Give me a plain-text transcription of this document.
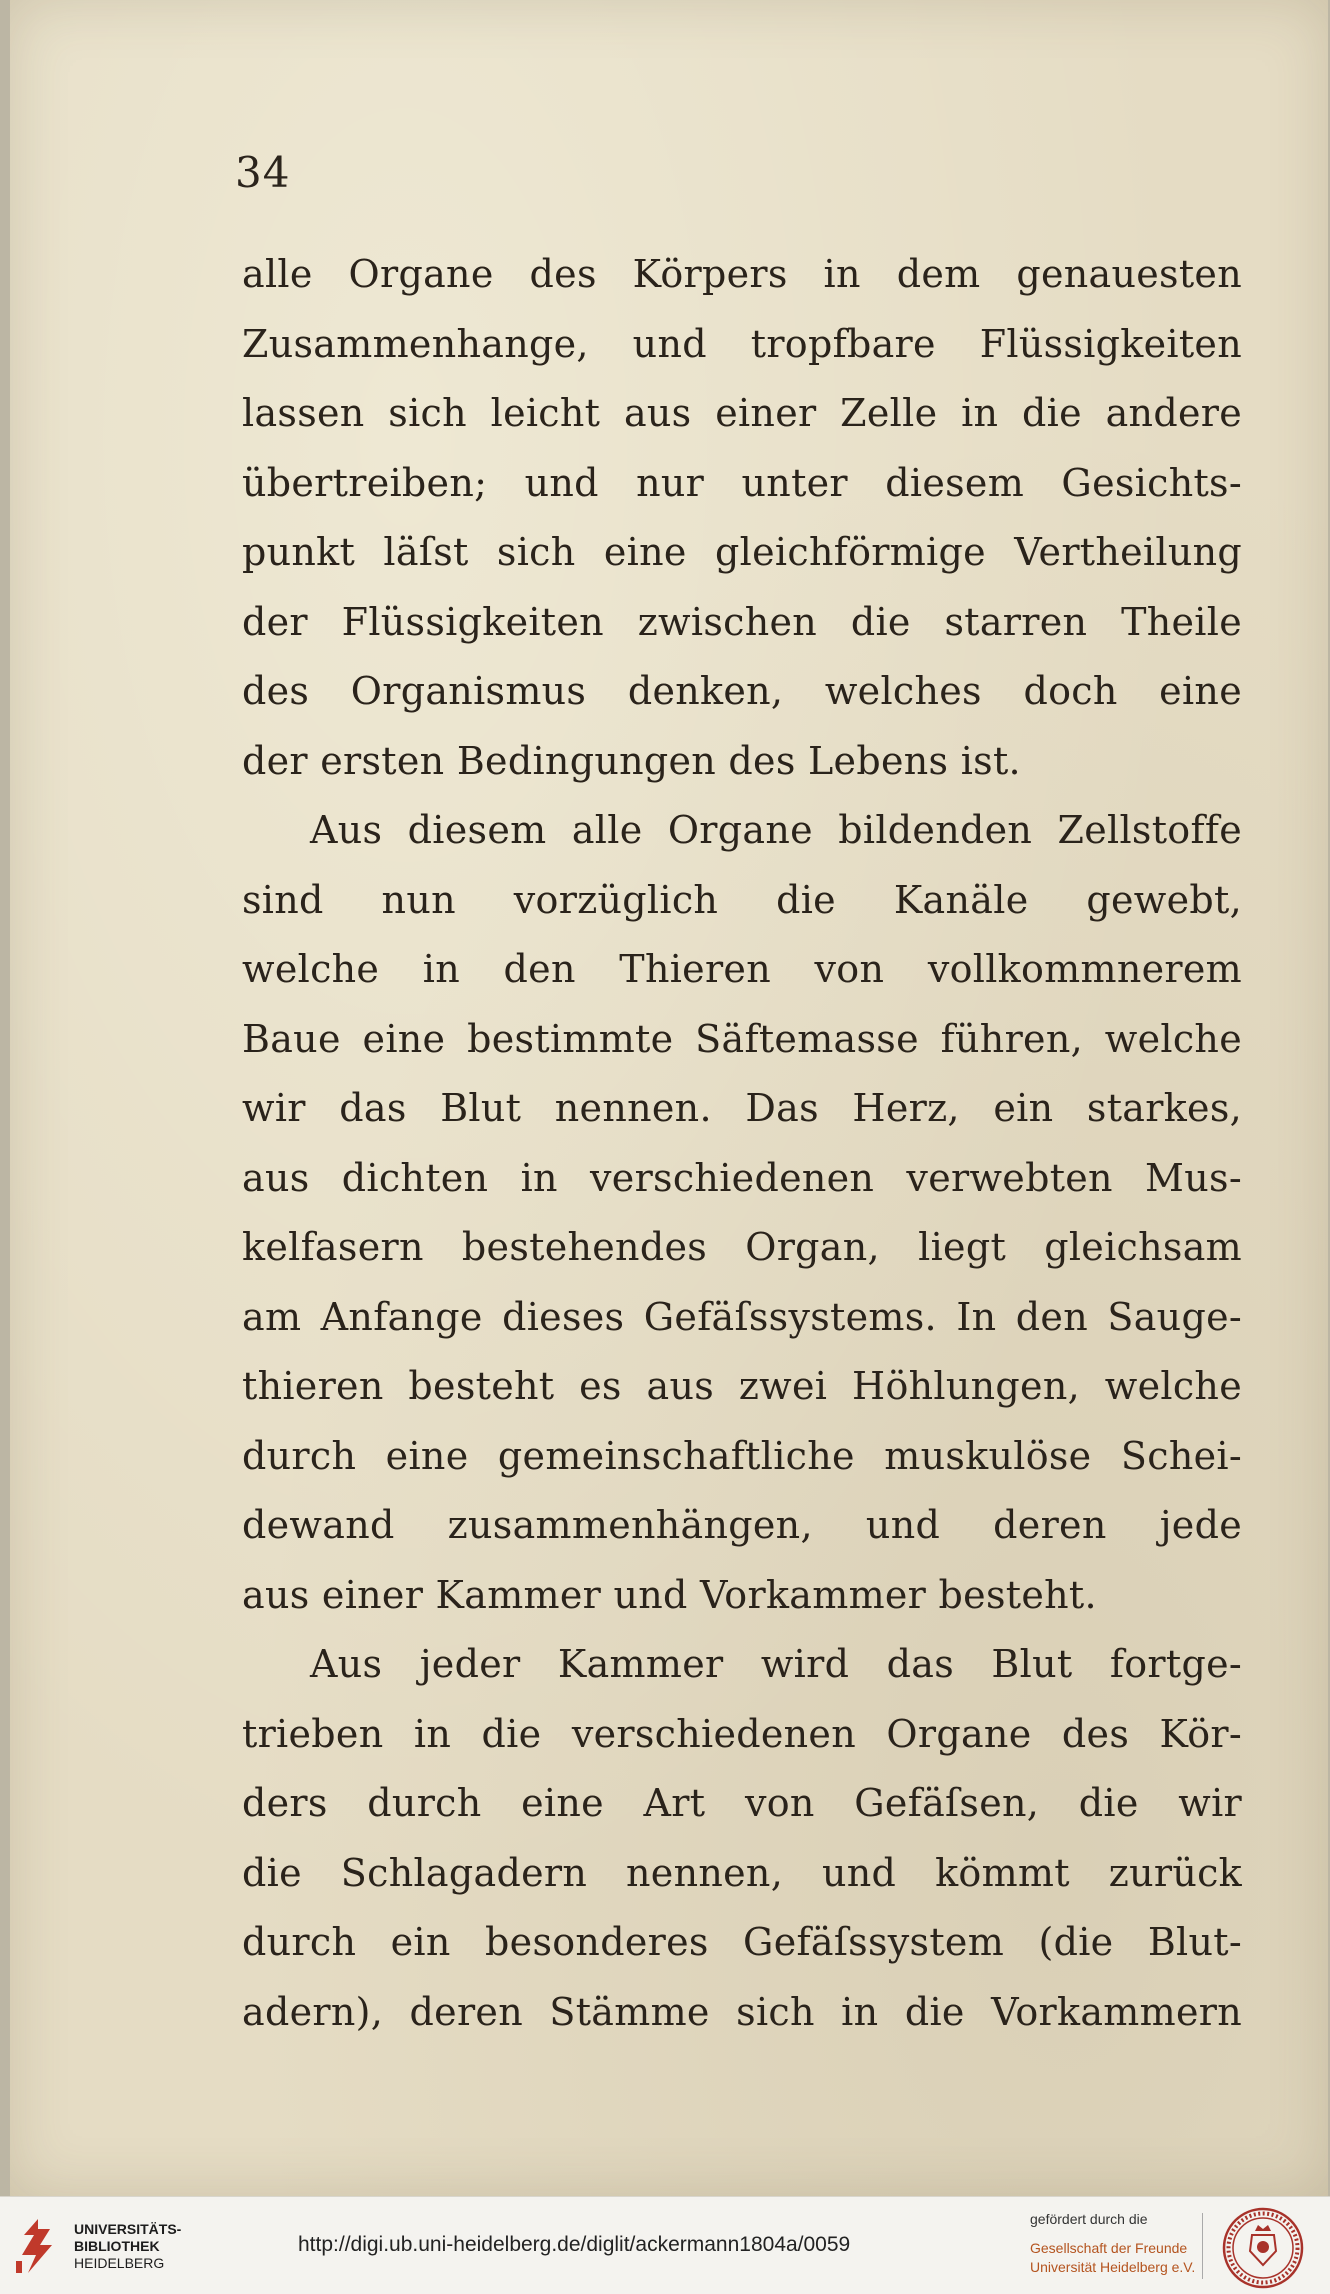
34

alle Organe des Körpers in dem genauesten
Zusammenhange, und tropfbare Flüssigkeiten
lassen sich leicht aus einer Zelle in die andere
übertreiben; und nur unter diesem Gesichts-
punkt läſst sich eine gleichförmige Vertheilung
der Flüssigkeiten zwischen die starren Theile
des Organismus denken, welches doch eine
der ersten Bedingungen des Lebens ist.
Aus diesem alle Organe bildenden Zellstoffe
sind nun vorzüglich die Kanäle gewebt,
welche in den Thieren von vollkommnerem
Baue eine bestimmte Säftemasse führen, welche
wir das Blut nennen. Das Herz, ein starkes,
aus dichten in verschiedenen verwebten Mus-
kelfasern bestehendes Organ, liegt gleichsam
am Anfange dieses Gefäſssystems. In den Sauge-
thieren besteht es aus zwei Höhlungen, welche
durch eine gemeinschaftliche muskulöse Schei-
dewand zusammenhängen, und deren jede
aus einer Kammer und Vorkammer besteht.
Aus jeder Kammer wird das Blut fortge-
trieben in die verschiedenen Organe des Kör-
ders durch eine Art von Gefäſsen, die wir
die Schlagadern nennen, und kömmt zurück
durch ein besonderes Gefäſssystem (die Blut-
adern), deren Stämme sich in die Vorkammern
UNIVERSITÄTS-
BIBLIOTHEK
HEIDELBERG
http://digi.ub.uni-heidelberg.de/diglit/ackermann1804a/0059
gefördert durch die
Gesellschaft der Freunde
Universität Heidelberg e.V.
